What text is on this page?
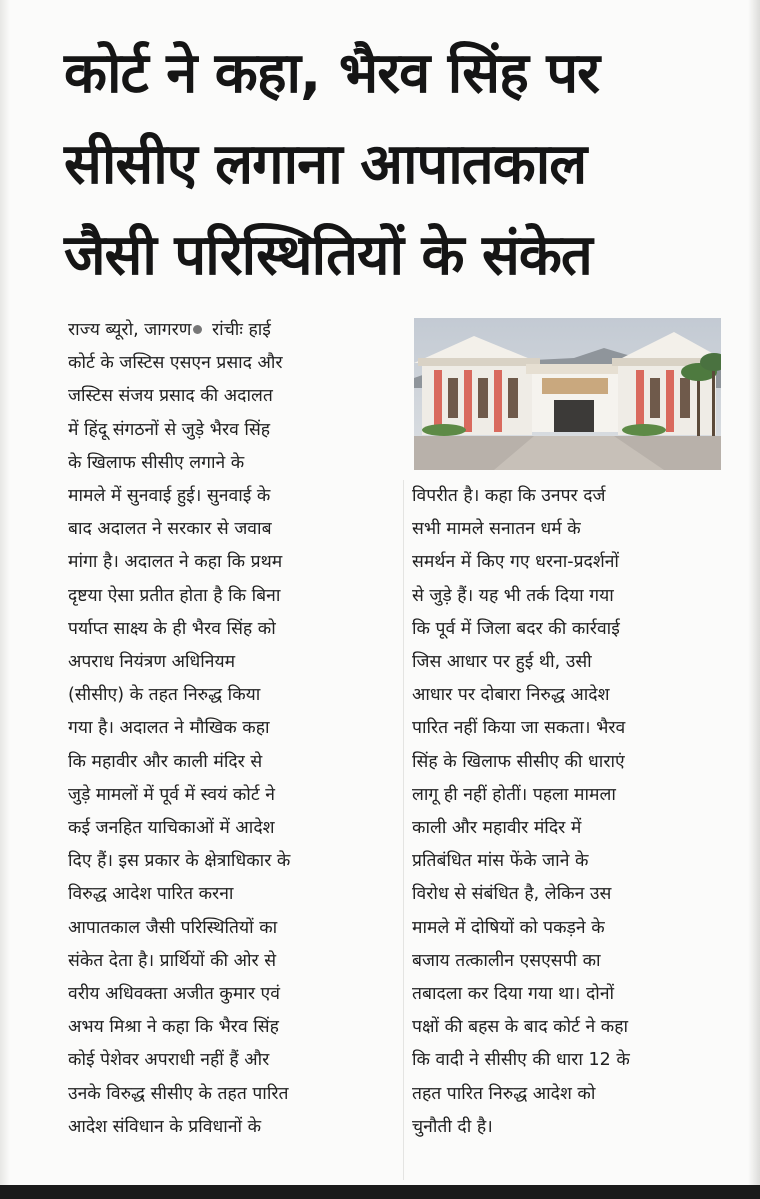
कोर्ट ने कहा, भैरव सिंह पर
सीसीए लगाना आपातकाल
जैसी परिस्थितियों के संकेत
राज्य ब्यूरो, जागरण रांचीः हाई
कोर्ट के जस्टिस एसएन प्रसाद और
जस्टिस संजय प्रसाद की अदालत
में हिंदू संगठनों से जुड़े भैरव सिंह
के खिलाफ सीसीए लगाने के
मामले में सुनवाई हुई। सुनवाई के
बाद अदालत ने सरकार से जवाब
मांगा है। अदालत ने कहा कि प्रथम
दृष्टया ऐसा प्रतीत होता है कि बिना
पर्याप्त साक्ष्य के ही भैरव सिंह को
अपराध नियंत्रण अधिनियम
(सीसीए) के तहत निरुद्ध किया
गया है। अदालत ने मौखिक कहा
कि महावीर और काली मंदिर से
जुड़े मामलों में पूर्व में स्वयं कोर्ट ने
कई जनहित याचिकाओं में आदेश
दिए हैं। इस प्रकार के क्षेत्राधिकार के
विरुद्ध आदेश पारित करना
आपातकाल जैसी परिस्थितियों का
संकेत देता है। प्रार्थियों की ओर से
वरीय अधिवक्ता अजीत कुमार एवं
अभय मिश्रा ने कहा कि भैरव सिंह
कोई पेशेवर अपराधी नहीं हैं और
उनके विरुद्ध सीसीए के तहत पारित
आदेश संविधान के प्रविधानों के
विपरीत है। कहा कि उनपर दर्ज
सभी मामले सनातन धर्म के
समर्थन में किए गए धरना-प्रदर्शनों
से जुड़े हैं। यह भी तर्क दिया गया
कि पूर्व में जिला बदर की कार्रवाई
जिस आधार पर हुई थी, उसी
आधार पर दोबारा निरुद्ध आदेश
पारित नहीं किया जा सकता। भैरव
सिंह के खिलाफ सीसीए की धाराएं
लागू ही नहीं होतीं। पहला मामला
काली और महावीर मंदिर में
प्रतिबंधित मांस फेंके जाने के
विरोध से संबंधित है, लेकिन उस
मामले में दोषियों को पकड़ने के
बजाय तत्कालीन एसएसपी का
तबादला कर दिया गया था। दोनों
पक्षों की बहस के बाद कोर्ट ने कहा
कि वादी ने सीसीए की धारा 12 के
तहत पारित निरुद्ध आदेश को
चुनौती दी है।
